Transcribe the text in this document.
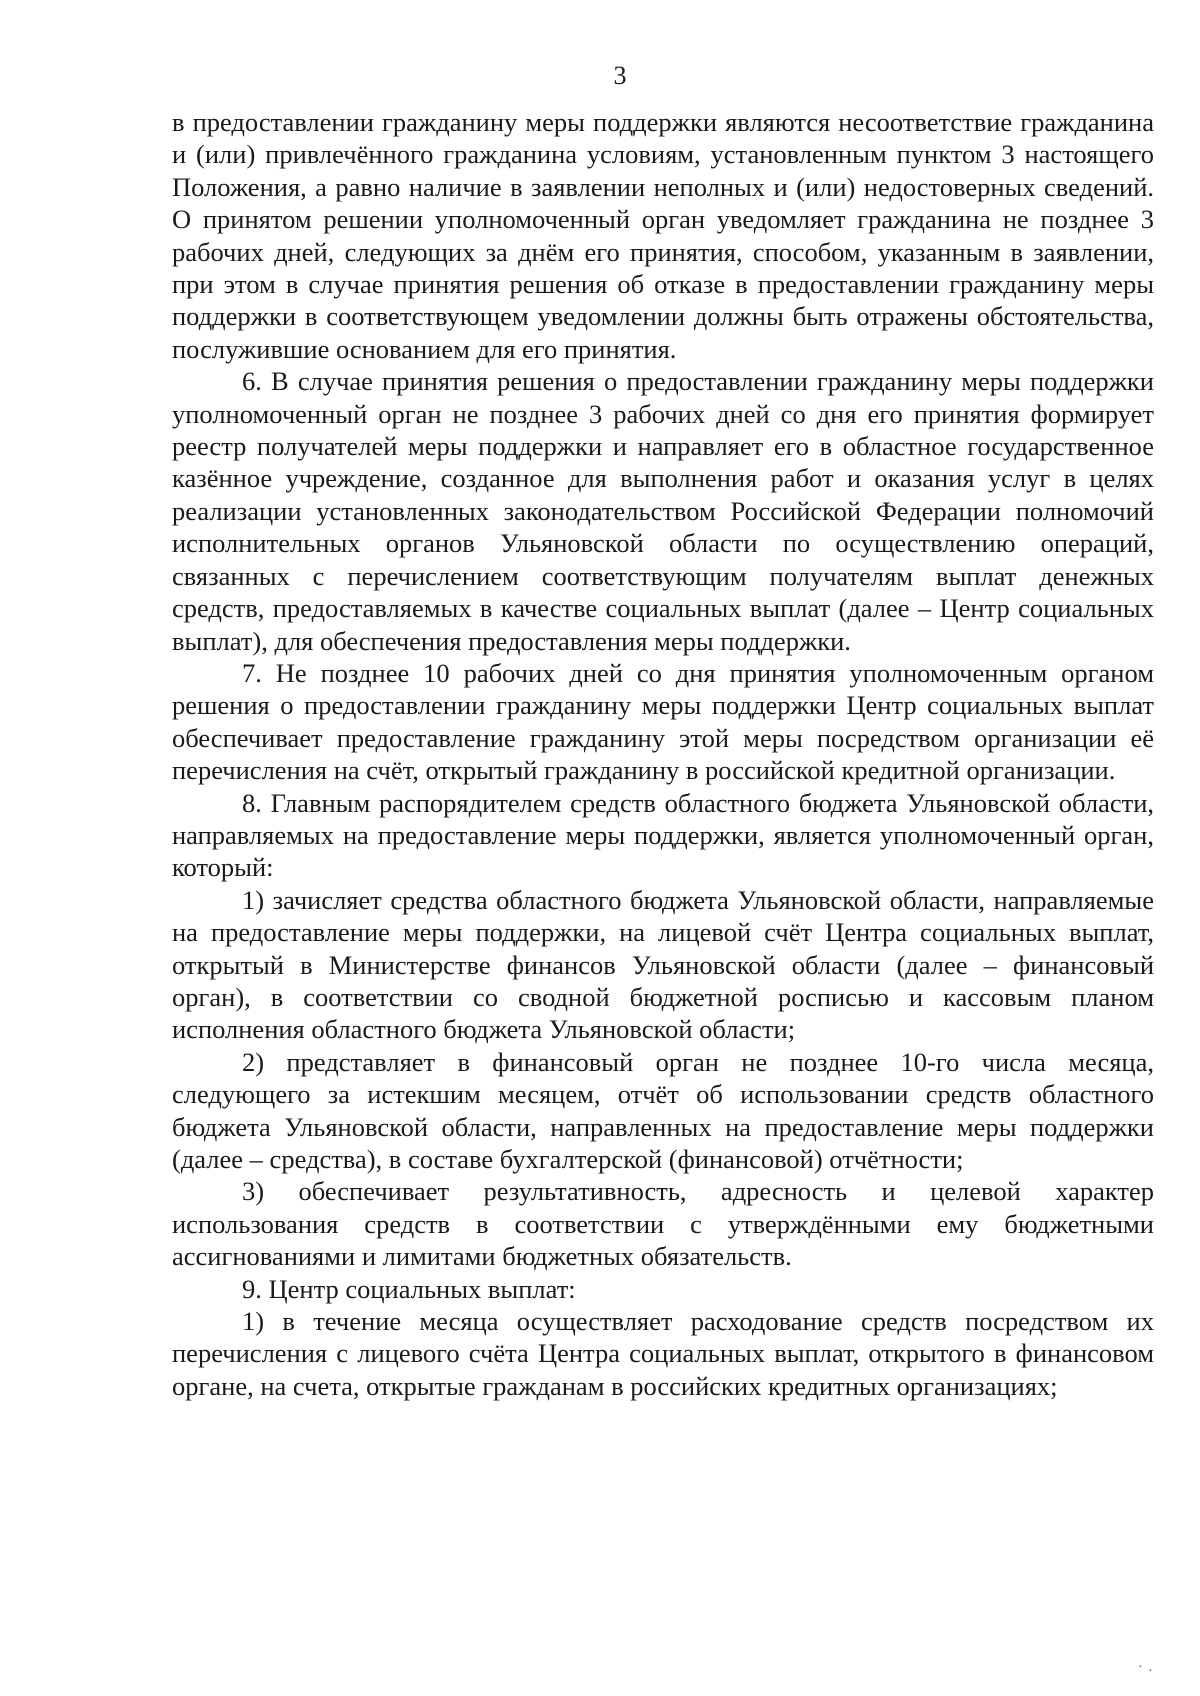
3

в предоставлении гражданину меры поддержки являются несоответствие гражданина и (или) привлечённого гражданина условиям, установленным пунктом 3 настоящего Положения, а равно наличие в заявлении неполных и (или) недостоверных сведений. О принятом решении уполномоченный орган уведомляет гражданина не позднее 3 рабочих дней, следующих за днём его принятия, способом, указанным в заявлении, при этом в случае принятия решения об отказе в предоставлении гражданину меры поддержки в соответствующем уведомлении должны быть отражены обстоятельства, послужившие основанием для его принятия.

6. В случае принятия решения о предоставлении гражданину меры поддержки уполномоченный орган не позднее 3 рабочих дней со дня его принятия формирует реестр получателей меры поддержки и направляет его в областное государственное казённое учреждение, созданное для выполнения работ и оказания услуг в целях реализации установленных законодательством Российской Федерации полномочий исполнительных органов Ульяновской области по осуществлению операций, связанных с перечислением соответствующим получателям выплат денежных средств, предоставляемых в качестве социальных выплат (далее – Центр социальных выплат), для обеспечения предоставления меры поддержки.

7. Не позднее 10 рабочих дней со дня принятия уполномоченным органом решения о предоставлении гражданину меры поддержки Центр социальных выплат обеспечивает предоставление гражданину этой меры посредством организации её перечисления на счёт, открытый гражданину в российской кредитной организации.

8. Главным распорядителем средств областного бюджета Ульяновской области, направляемых на предоставление меры поддержки, является уполномоченный орган, который:

1) зачисляет средства областного бюджета Ульяновской области, направляемые на предоставление меры поддержки, на лицевой счёт Центра социальных выплат, открытый в Министерстве финансов Ульяновской области (далее – финансовый орган), в соответствии со сводной бюджетной росписью и кассовым планом исполнения областного бюджета Ульяновской области;

2) представляет в финансовый орган не позднее 10-го числа месяца, следующего за истекшим месяцем, отчёт об использовании средств областного бюджета Ульяновской области, направленных на предоставление меры поддержки (далее – средства), в составе бухгалтерской (финансовой) отчётности;

3) обеспечивает результативность, адресность и целевой характер использования средств в соответствии с утверждёнными ему бюджетными ассигнованиями и лимитами бюджетных обязательств.

9. Центр социальных выплат:

1) в течение месяца осуществляет расходование средств посредством их перечисления с лицевого счёта Центра социальных выплат, открытого в финансовом органе, на счета, открытые гражданам в российских кредитных организациях;

·.
